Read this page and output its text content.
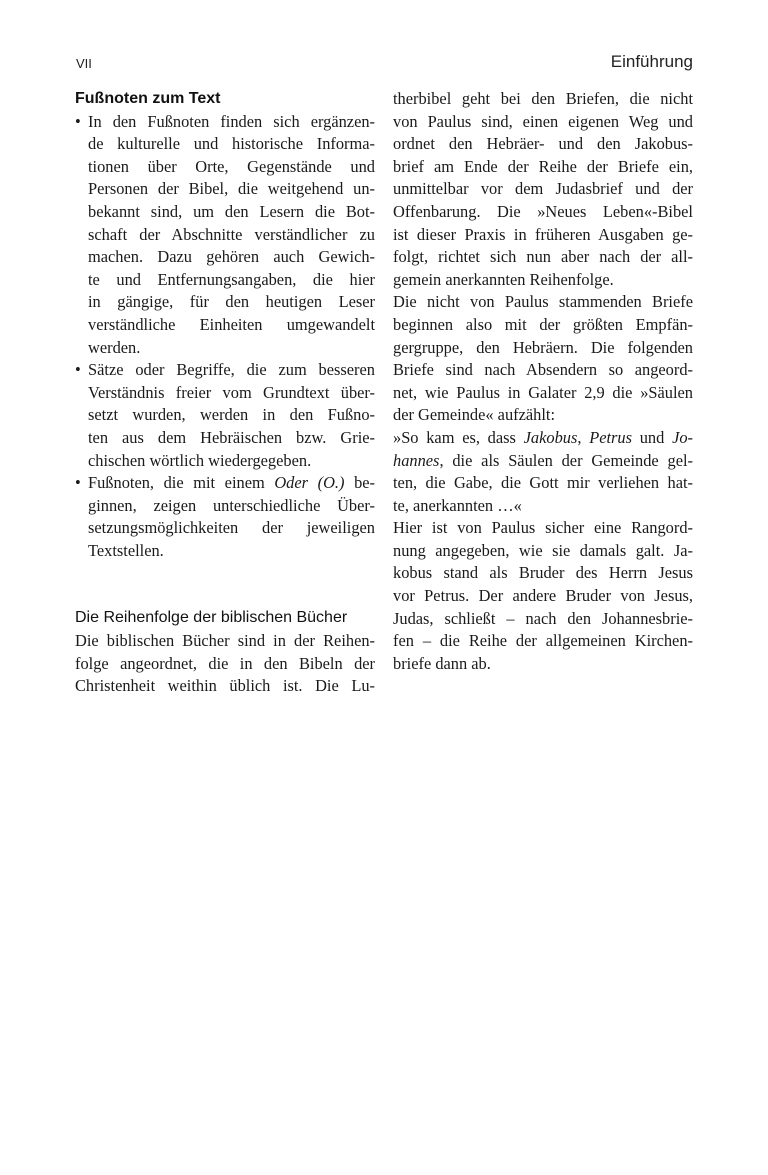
VII	Einführung
Fußnoten zum Text
• In den Fußnoten finden sich ergänzen-
de kulturelle und historische Informa-
tionen über Orte, Gegenstände und
Personen der Bibel, die weitgehend un-
bekannt sind, um den Lesern die Bot-
schaft der Abschnitte verständlicher zu
machen. Dazu gehören auch Gewich-
te und Entfernungsangaben, die hier
in gängige, für den heutigen Leser
verständliche Einheiten umgewandelt
werden.
• Sätze oder Begriffe, die zum besseren
Verständnis freier vom Grundtext über-
setzt wurden, werden in den Fußno-
ten aus dem Hebräischen bzw. Grie-
chischen wörtlich wiedergegeben.
• Fußnoten, die mit einem Oder (O.) be-
ginnen, zeigen unterschiedliche Über-
setzungsmöglichkeiten der jeweiligen
Textstellen.
Die Reihenfolge der biblischen Bücher
Die biblischen Bücher sind in der Reihen-
folge angeordnet, die in den Bibeln der
Christenheit weithin üblich ist. Die Lu-
therbibel geht bei den Briefen, die nicht
von Paulus sind, einen eigenen Weg und
ordnet den Hebräer- und den Jakobus-
brief am Ende der Reihe der Briefe ein,
unmittelbar vor dem Judasbrief und der
Offenbarung. Die »Neues Leben«-Bibel
ist dieser Praxis in früheren Ausgaben ge-
folgt, richtet sich nun aber nach der all-
gemein anerkannten Reihenfolge.
Die nicht von Paulus stammenden Briefe
beginnen also mit der größten Empfän-
gergruppe, den Hebräern. Die folgenden
Briefe sind nach Absendern so angeord-
net, wie Paulus in Galater 2,9 die »Säulen
der Gemeinde« aufzählt:
»So kam es, dass Jakobus, Petrus und Jo-
hannes, die als Säulen der Gemeinde gel-
ten, die Gabe, die Gott mir verliehen hat-
te, anerkannten …«
Hier ist von Paulus sicher eine Rangord-
nung angegeben, wie sie damals galt. Ja-
kobus stand als Bruder des Herrn Jesus
vor Petrus. Der andere Bruder von Jesus,
Judas, schließt – nach den Johannesbrie-
fen – die Reihe der allgemeinen Kirchen-
briefe dann ab.
